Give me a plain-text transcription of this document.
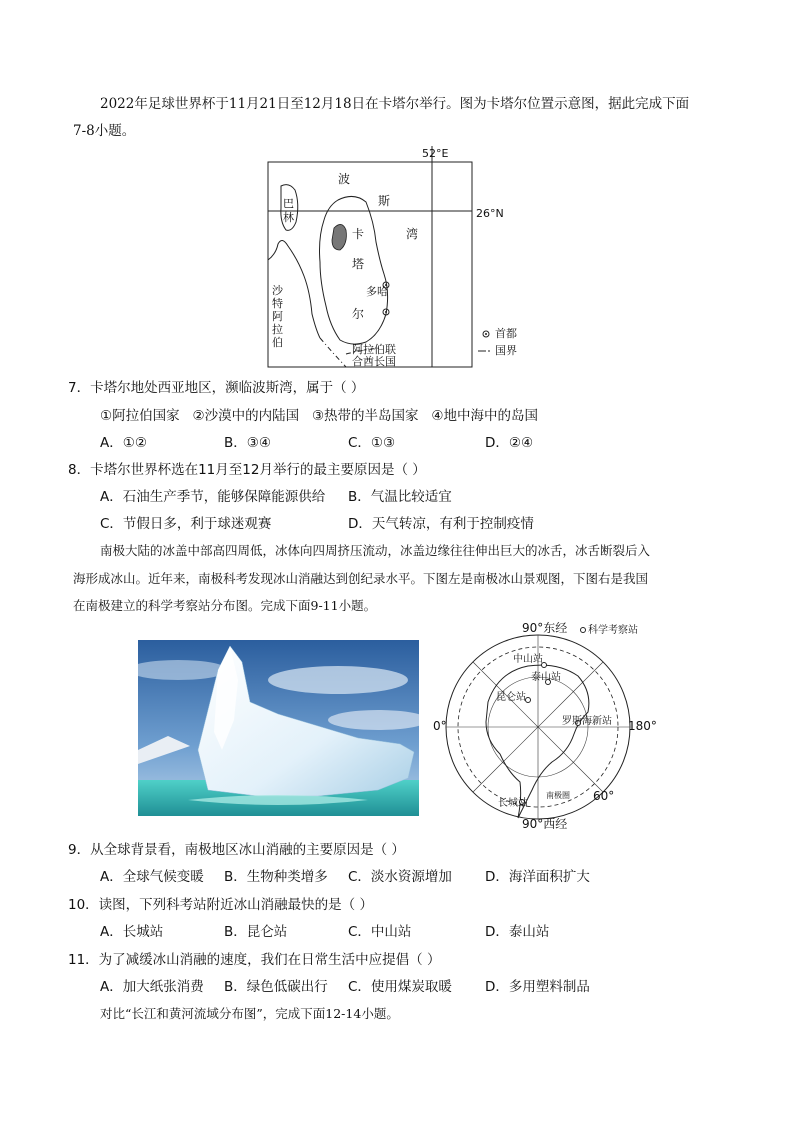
2022年足球世界杯于11月21日至12月18日在卡塔尔举行。图为卡塔尔位置示意图，据此完成下面
7-8小题。
52°E
26°N
波
斯
湾
巴
林
卡
塔
尔
多哈
沙
特
阿
拉
伯
阿拉伯联
合酋长国
首都
国界
7．卡塔尔地处西亚地区，濒临波斯湾，属于（ ）
①阿拉伯国家   ②沙漠中的内陆国   ③热带的半岛国家   ④地中海中的岛国
A．①②	B．③④	C．①③	D．②④
8．卡塔尔世界杯选在11月至12月举行的最主要原因是（ ）
A．石油生产季节，能够保障能源供给 B．气温比较适宜
C．节假日多，利于球迷观赛	D．天气转凉，有利于控制疫情
南极大陆的冰盖中部高四周低，冰体向四周挤压流动，冰盖边缘往往伸出巨大的冰舌，冰舌断裂后入
海形成冰山。近年来，南极科考发现冰山消融达到创纪录水平。下图左是南极冰山景观图，下图右是我国
在南极建立的科学考察站分布图。完成下面9-11小题。
90°东经 科学考察站
中山站
泰山站
昆仑站
0°	罗斯海新站 180°
长城站
南极圈 60°
90°西经
9．从全球背景看，南极地区冰山消融的主要原因是（ ）
A．全球气候变暖 B．生物种类增多 C．淡水资源增加 D．海洋面积扩大
10．读图，下列科考站附近冰山消融最快的是（ ）
A．长城站	B．昆仑站	C．中山站	D．泰山站
11．为了减缓冰山消融的速度，我们在日常生活中应提倡（ ）
A．加大纸张消费 B．绿色低碳出行 C．使用煤炭取暖 D．多用塑料制品
对比“长江和黄河流域分布图”，完成下面12-14小题。
